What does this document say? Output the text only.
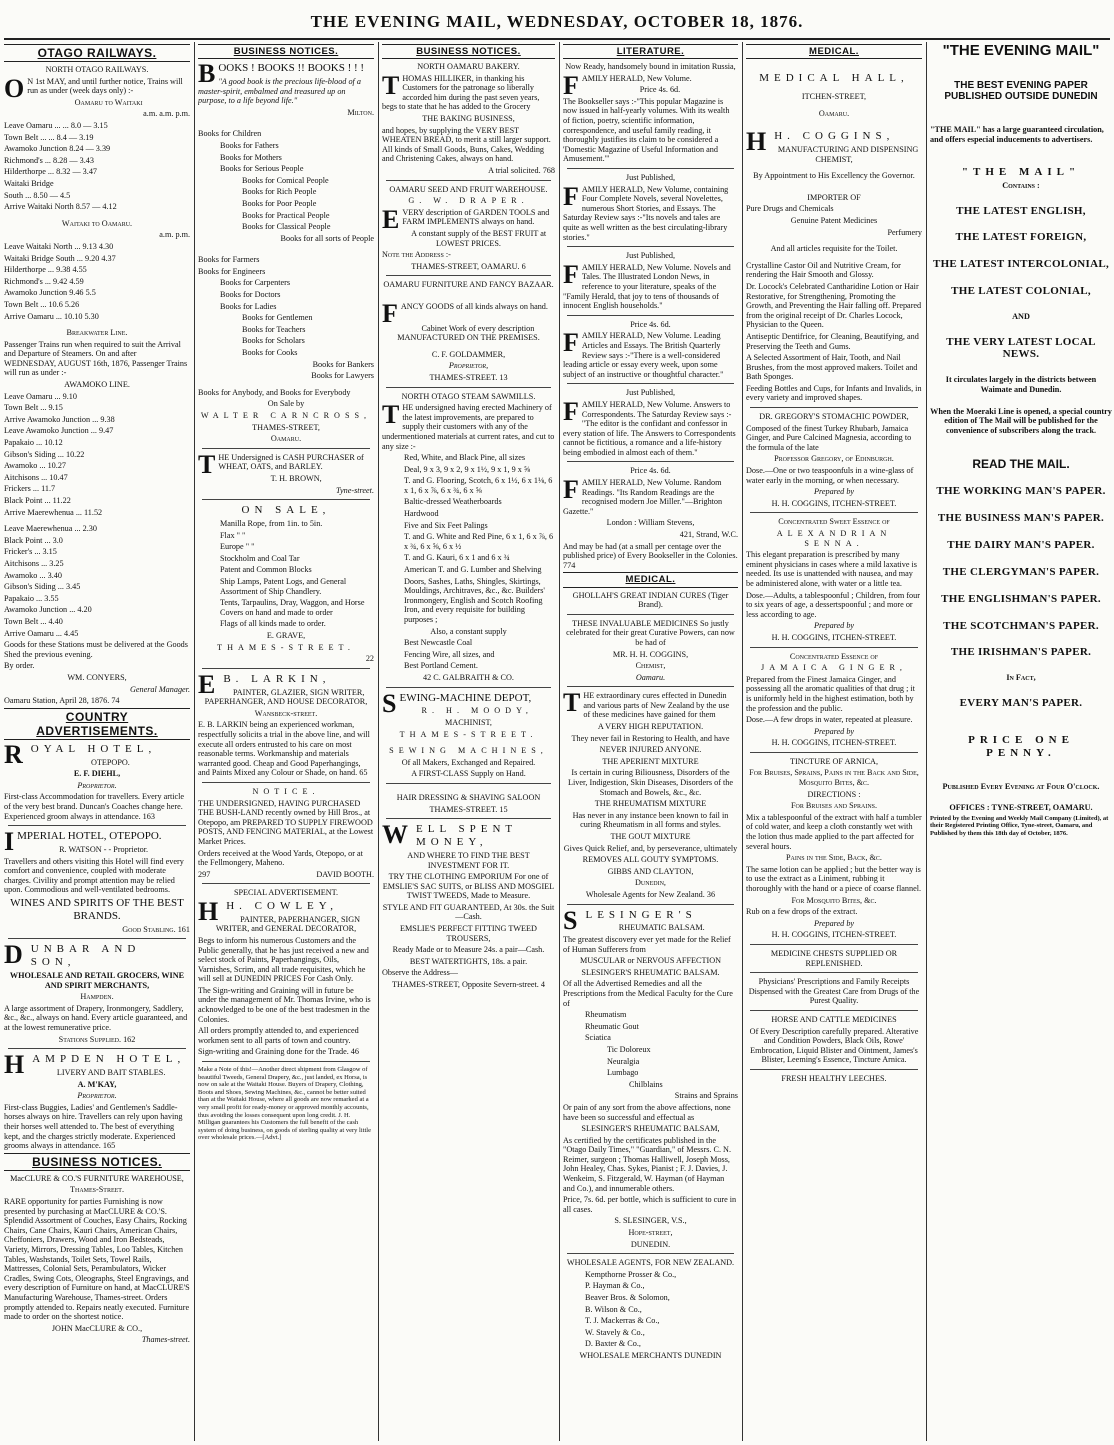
THE EVENING MAIL, WEDNESDAY, OCTOBER 18, 1876.
OTAGO RAILWAYS.

NORTH OTAGO RAILWAYS.

O N 1st MAY, and until further notice, Trains will run as under (week days only) :-

Oamaru to Waitaki

a.m. a.m. p.m.

Leave Oamaru ... ... 8.0 — 3.15

Town Belt ... ... 8.4 — 3.19

Awamoko Junction 8.24 — 3.39

Richmond's ... 8.28 — 3.43

Hilderthorpe ... 8.32 — 3.47

Waitaki Bridge

South ... 8.50 — 4.5

Arrive Waitaki North 8.57 — 4.12

Waitaki to Oamaru.

a.m. p.m.

Leave Waitaki North ... 9.13 4.30

Waitaki Bridge South ... 9.20 4.37

Hilderthorpe ... 9.38 4.55

Richmond's ... 9.42 4.59

Awamoko Junction 9.46 5.5

Town Belt ... 10.6 5.26

Arrive Oamaru ... 10.10 5.30

Breakwater Line.

Passenger Trains run when required to suit the Arrival and Departure of Steamers. On and after WEDNESDAY, AUGUST 16th, 1876, Passenger Trains will run as under :-

AWAMOKO LINE.

Leave Oamaru ... 9.10

Town Belt ... 9.15

Arrive Awamoko Junction ... 9.38

Leave Awamoko Junction ... 9.47

Papakaio ... 10.12

Gibson's Siding ... 10.22

Awamoko ... 10.27

Aitchisons ... 10.47

Frickers ... 11.7

Black Point ... 11.22

Arrive Maerewhenua ... 11.52

Leave Maerewhenua ... 2.30

Black Point ... 3.0

Fricker's ... 3.15

Aitchisons ... 3.25

Awamoko ... 3.40

Gibson's Siding ... 3.45

Papakaio ... 3.55

Awamoko Junction ... 4.20

Town Belt ... 4.40

Arrive Oamaru ... 4.45

Goods for these Stations must be delivered at the Goods Shed the previous evening.

By order.

WM. CONYERS,

General Manager.

Oamaru Station, April 28, 1876. 74

COUNTRY ADVERTISEMENTS.

ROYAL HOTEL,

OTEPOPO.

E. F. DIEHL,

Proprietor.

First-class Accommodation for travellers. Every article of the very best brand. Duncan's Coaches change here. Experienced groom always in attendance. 163

IMPERIAL HOTEL, OTEPOPO.

R. WATSON - - Proprietor.

Travellers and others visiting this Hotel will find every comfort and convenience, coupled with moderate charges. Civility and prompt attention may be relied upon. Commodious and well-ventilated bedrooms.

WINES AND SPIRITS OF THE BEST BRANDS.

Good Stabling. 161

DUNBAR AND SON,

WHOLESALE AND RETAIL GROCERS, WINE AND SPIRIT MERCHANTS,

Hampden.

A large assortment of Drapery, Ironmongery, Saddlery, &c., &c., always on hand. Every article guaranteed, and at the lowest remunerative price.

Stations Supplied. 162

HAMPDEN HOTEL,

LIVERY AND BAIT STABLES.

A. M'KAY,

Proprietor.

First-class Buggies, Ladies' and Gentlemen's Saddle-horses always on hire. Travellers can rely upon having their horses well attended to. The best of everything kept, and the charges strictly moderate. Experienced grooms always in attendance. 165

BUSINESS NOTICES.

MacCLURE & CO.'S FURNITURE WAREHOUSE,

Thames-Street.

RARE opportunity for parties Furnishing is now presented by purchasing at MacCLURE & CO.'S. Splendid Assortment of Couches, Easy Chairs, Rocking Chairs, Cane Chairs, Kauri Chairs, American Chairs, Cheffoniers, Drawers, Wood and Iron Bedsteads, Variety, Mirrors, Dressing Tables, Loo Tables, Kitchen Tables, Washstands, Toilet Sets, Towel Rails, Mattresses, Colonial Sets, Perambulators, Wicker Cradles, Swing Cots, Oleographs, Steel Engravings, and every description of Furniture on hand, at MacCLURE'S Manufacturing Warehouse, Thames-street. Orders promptly attended to. Repairs neatly executed. Furniture made to order on the shortest notice.

JOHN MacCLURE & CO.,

Thames-street.

BUSINESS NOTICES.

BOOKS ! BOOKS !! BOOKS ! ! !

"A good book is the precious life-blood of a master-spirit, embalmed and treasured up on purpose, to a life beyond life."

Milton.

Books for Children

Books for Fathers

Books for Mothers

Books for Serious People

Books for Comical People

Books for Rich People

Books for Poor People

Books for Practical People

Books for Classical People

Books for all sorts of People

Books for Farmers

Books for Engineers

Books for Carpenters

Books for Doctors

Books for Ladies

Books for Gentlemen

Books for Teachers

Books for Scholars

Books for Cooks

Books for Bankers

Books for Lawyers

Books for Anybody, and Books for Everybody

On Sale by

WALTER CARNCROSS,

THAMES-STREET,

Oamaru.

THE Undersigned is CASH PURCHASER of WHEAT, OATS, and BARLEY.

T. H. BROWN,

Tyne-street.

ON SALE,

Manilla Rope, from 1in. to 5in.

Flax " "

Europe " "

Stockholm and Coal Tar

Patent and Common Blocks

Ship Lamps, Patent Logs, and General Assortment of Ship Chandlery.

Tents, Tarpaulins, Dray, Waggon, and Horse Covers on hand and made to order

Flags of all kinds made to order.

E. GRAVE,

THAMES-STREET.

22

E B. LARKIN,

PAINTER, GLAZIER, SIGN WRITER, PAPERHANGER, AND HOUSE DECORATOR,

Wansbeck-street.

E. B. LARKIN being an experienced workman, respectfully solicits a trial in the above line, and will execute all orders entrusted to his care on most reasonable terms. Workmanship and materials warranted good. Cheap and Good Paperhangings, and Paints Mixed any Colour or Shade, on hand. 65

NOTICE.

THE UNDERSIGNED, HAVING PURCHASED THE BUSH-LAND recently owned by Hill Bros., at Otepopo, am PREPARED TO SUPPLY FIREWOOD POSTS, AND FENCING MATERIAL, at the Lowest Market Prices.

Orders received at the Wood Yards, Otepopo, or at the Fellmongery, Maheno.

297	DAVID BOOTH.

SPECIAL ADVERTISEMENT.

H H. COWLEY,

PAINTER, PAPERHANGER, SIGN WRITER, and GENERAL DECORATOR,

Begs to inform his numerous Customers and the Public generally, that he has just received a new and select stock of Paints, Paperhangings, Oils, Varnishes, Scrim, and all trade requisites, which he will sell at DUNEDIN PRICES For Cash Only.

The Sign-writing and Graining will in future be under the management of Mr. Thomas Irvine, who is acknowledged to be one of the best tradesmen in the Colonies.

All orders promptly attended to, and experienced workmen sent to all parts of town and country.

Sign-writing and Graining done for the Trade. 46

Make a Note of this!—Another direct shipment from Glasgow of beautiful Tweeds, General Drapery, &c., just landed, ex Horsa, is now on sale at the Waitaki House. Buyers of Drapery, Clothing, Boots and Shoes, Sewing Machines, &c., cannot be better suited than at the Waitaki House, where all goods are now remarked at a very small profit for ready-money or approved monthly accounts, thus avoiding the losses consequent upon long credit. J. H. Milligan guarantees his Customers the full benefit of the cash system of doing business, on goods of sterling quality at very little over wholesale prices.—[Advt.]

BUSINESS NOTICES.

NORTH OAMARU BAKERY.

THOMAS HILLIKER, in thanking his Customers for the patronage so liberally accorded him during the past seven years, begs to state that he has added to the Grocery

THE BAKING BUSINESS,

and hopes, by supplying the VERY BEST WHEATEN BREAD, to merit a still larger support. All kinds of Small Goods, Buns, Cakes, Wedding and Christening Cakes, always on hand.

A trial solicited. 768

OAMARU SEED AND FRUIT WAREHOUSE.

G. W. DRAPER.

EVERY description of GARDEN TOOLS and FARM IMPLEMENTS always on hand.

A constant supply of the BEST FRUIT at LOWEST PRICES.

Note the Address :-

THAMES-STREET, OAMARU. 6

OAMARU FURNITURE AND FANCY BAZAAR.

FANCY GOODS of all kinds always on hand.

Cabinet Work of every description MANUFACTURED ON THE PREMISES.

C. F. GOLDAMMER,

Proprietor,

THAMES-STREET. 13

NORTH OTAGO STEAM SAWMILLS.

THE undersigned having erected Machinery of the latest improvements, are prepared to supply their customers with any of the undermentioned materials at current rates, and cut to any size :-

Red, White, and Black Pine, all sizes

Deal, 9 x 3, 9 x 2, 9 x 1½, 9 x 1, 9 x ⅝

T. and G. Flooring, Scotch, 6 x 1½, 6 x 1⅛, 6 x 1, 6 x ⅞, 6 x ¾, 6 x ⅝

Baltic-dressed Weatherboards

Hardwood

Five and Six Feet Palings

T. and G. White and Red Pine, 6 x 1, 6 x ⅞, 6 x ¾, 6 x ⅝, 6 x ½

T. and G. Kauri, 6 x 1 and 6 x ¾

American T. and G. Lumber and Shelving

Doors, Sashes, Laths, Shingles, Skirtings, Mouldings, Architraves, &c., &c. Builders' Ironmongery, English and Scotch Roofing Iron, and every requisite for building purposes ;

Also, a constant supply

Best Newcastle Coal

Fencing Wire, all sizes, and

Best Portland Cement.

42 C. GALBRAITH & CO.

SEWING-MACHINE DEPOT,

R. H. MOODY,

MACHINIST,

THAMES-STREET.

SEWING MACHINES,

Of all Makers, Exchanged and Repaired.

A FIRST-CLASS Supply on Hand.

HAIR DRESSING & SHAVING SALOON

THAMES-STREET. 15

WELL SPENT MONEY,

AND WHERE TO FIND THE BEST INVESTMENT FOR IT.

TRY THE CLOTHING EMPORIUM For one of EMSLIE'S SAC SUITS, or BLISS AND MOSGIEL TWIST TWEEDS, Made to Measure.

STYLE AND FIT GUARANTEED, At 30s. the Suit—Cash.

EMSLIE'S PERFECT FITTING TWEED TROUSERS,

Ready Made or to Measure 24s. a pair—Cash.

BEST WATERTIGHTS, 18s. a pair.

Observe the Address—

THAMES-STREET, Opposite Severn-street. 4

LITERATURE.

Now Ready, handsomely bound in imitation Russia,

FAMILY HERALD, New Volume.

Price 4s. 6d.

The Bookseller says :-"This popular Magazine is now issued in half-yearly volumes. With its wealth of fiction, poetry, scientific information, correspondence, and useful family reading, it thoroughly justifies its claim to be considered a 'Domestic Magazine of Useful Information and Amusement.'"

Just Published,

FAMILY HERALD, New Volume, containing Four Complete Novels, several Novelettes, numerous Short Stories, and Essays. The Saturday Review says :-"Its novels and tales are quite as well written as the best circulating-library stories."

Just Published,

FAMILY HERALD, New Volume. Novels and Tales. The Illustrated London News, in reference to your literature, speaks of the "Family Herald, that joy to tens of thousands of innocent English households."

Price 4s. 6d.

FAMILY HERALD, New Volume. Leading Articles and Essays. The British Quarterly Review says :-"There is a well-considered leading article or essay every week, upon some subject of an instructive or thoughtful character."

Just Published,

FAMILY HERALD, New Volume. Answers to Correspondents. The Saturday Review says :-"The editor is the confidant and confessor in every station of life. The Answers to Correspondents cannot be fictitious, a romance and a life-history being embodied in almost each of them."

Price 4s. 6d.

FAMILY HERALD, New Volume. Random Readings. "Its Random Readings are the recognised modern Joe Miller."—Brighton Gazette."

London : William Stevens,

421, Strand, W.C.

And may be had (at a small per centage over the published price) of Every Bookseller in the Colonies. 774

MEDICAL.

GHOLLAH'S GREAT INDIAN CURES (Tiger Brand).

THESE INVALUABLE MEDICINES So justly celebrated for their great Curative Powers, can now be had of

MR. H. H. COGGINS,

Chemist,

Oamaru.

THE extraordinary cures effected in Dunedin and various parts of New Zealand by the use of these medicines have gained for them

A VERY HIGH REPUTATION.

They never fail in Restoring to Health, and have

NEVER INJURED ANYONE.

THE APERIENT MIXTURE

Is certain in curing Biliousness, Disorders of the Liver, Indigestion, Skin Diseases, Disorders of the Stomach and Bowels, &c., &c.

THE RHEUMATISM MIXTURE

Has never in any instance been known to fail in curing Rheumatism in all forms and styles.

THE GOUT MIXTURE

Gives Quick Relief, and, by perseverance, ultimately

REMOVES ALL GOUTY SYMPTOMS.

GIBBS AND CLAYTON,

Dunedin,

Wholesale Agents for New Zealand. 36

SLESINGER'S

RHEUMATIC BALSAM.

The greatest discovery ever yet made for the Relief of Human Sufferers from

MUSCULAR or NERVOUS AFFECTION

SLESINGER'S RHEUMATIC BALSAM.

Of all the Advertised Remedies and all the Prescriptions from the Medical Faculty for the Cure of

Rheumatism

Rheumatic Gout

Sciatica

Tic Doloreux

Neuralgia

Lumbago

Chilblains

Strains and Sprains

Or pain of any sort from the above affections, none have been so successful and effectual as

SLESINGER'S RHEUMATIC BALSAM,

As certified by the certificates published in the "Otago Daily Times," "Guardian," of Messrs. C. N. Reimer, surgeon ; Thomas Halliwell, Joseph Moss, John Healey, Chas. Sykes, Pianist ; F. J. Davies, J. Wenkeim, S. Fitzgerald, W. Hayman (of Hayman and Co.), and innumerable others.

Price, 7s. 6d. per bottle, which is sufficient to cure in all cases.

S. SLESINGER, V.S.,

Hope-street,

DUNEDIN.

WHOLESALE AGENTS, FOR NEW ZEALAND.

Kempthorne Prosser & Co.,

P. Hayman & Co.,

Beaver Bros. & Solomon,

B. Wilson & Co.,

T. J. Mackerras & Co.,

W. Stavely & Co.,

D. Baxter & Co.,

WHOLESALE MERCHANTS DUNEDIN

MEDICAL.

MEDICAL HALL,

ITCHEN-STREET,

Oamaru.

H H. COGGINS,

MANUFACTURING AND DISPENSING CHEMIST,

By Appointment to His Excellency the Governor.

IMPORTER OF

Pure Drugs and Chemicals

Genuine Patent Medicines

Perfumery

And all articles requisite for the Toilet.

Crystalline Castor Oil and Nutritive Cream, for rendering the Hair Smooth and Glossy.

Dr. Locock's Celebrated Cantharidine Lotion or Hair Restorative, for Strengthening, Promoting the Growth, and Preventing the Hair falling off. Prepared from the original receipt of Dr. Charles Locock, Physician to the Queen.

Antiseptic Dentifrice, for Cleaning, Beautifying, and Preserving the Teeth and Gums.

A Selected Assortment of Hair, Tooth, and Nail Brushes, from the most approved makers. Toilet and Bath Sponges.

Feeding Bottles and Cups, for Infants and Invalids, in every variety and improved shapes.

DR. GREGORY'S STOMACHIC POWDER,

Composed of the finest Turkey Rhubarb, Jamaica Ginger, and Pure Calcined Magnesia, according to the formula of the late

Professor Gregory, of Edinburgh.

Dose.—One or two teaspoonfuls in a wine-glass of water early in the morning, or when necessary.

Prepared by

H. H. COGGINS, ITCHEN-STREET.

Concentrated Sweet Essence of

ALEXANDRIAN SENNA.

This elegant preparation is prescribed by many eminent physicians in cases where a mild laxative is needed. Its use is unattended with nausea, and may be administered alone, with water or a little tea.

Dose.—Adults, a tablespoonful ; Children, from four to six years of age, a dessertspoonful ; and more or less according to age.

Prepared by

H. H. COGGINS, ITCHEN-STREET.

Concentrated Essence of

JAMAICA GINGER,

Prepared from the Finest Jamaica Ginger, and possessing all the aromatic qualities of that drug ; it is uniformly held in the highest estimation, both by the profession and the public.

Dose.—A few drops in water, repeated at pleasure.

Prepared by

H. H. COGGINS, ITCHEN-STREET.

TINCTURE OF ARNICA,

For Bruises, Sprains, Pains in the Back and Side, Mosquito Bites, &c.

DIRECTIONS :

For Bruises and Sprains.

Mix a tablespoonful of the extract with half a tumbler of cold water, and keep a cloth constantly wet with the lotion thus made applied to the part affected for several hours.

Pains in the Side, Back, &c.

The same lotion can be applied ; but the better way is to use the extract as a Liniment, rubbing it thoroughly with the hand or a piece of coarse flannel.

For Mosquito Bites, &c.

Rub on a few drops of the extract.

Prepared by

H. H. COGGINS, ITCHEN-STREET.

MEDICINE CHESTS SUPPLIED OR REPLENISHED.

Physicians' Prescriptions and Family Receipts Dispensed with the Greatest Care from Drugs of the Purest Quality.

HORSE AND CATTLE MEDICINES

Of Every Description carefully prepared. Alterative and Condition Powders, Black Oils, Rowe' Embrocation, Liquid Blister and Ointment, James's Blister, Leeming's Essence, Tincture Arnica.

FRESH HEALTHY LEECHES.

"THE EVENING MAIL"

THE BEST EVENING PAPER PUBLISHED OUTSIDE DUNEDIN

"THE MAIL" has a large guaranteed circulation, and offers especial inducements to advertisers.

"THE MAIL"

Contains :

THE LATEST ENGLISH,

THE LATEST FOREIGN,

THE LATEST INTERCOLONIAL,

THE LATEST COLONIAL,

AND

THE VERY LATEST LOCAL NEWS.

It circulates largely in the districts between Waimate and Dunedin.

When the Moeraki Line is opened, a special country edition of The Mail will be published for the convenience of subscribers along the track.

READ THE MAIL.

THE WORKING MAN'S PAPER.

THE BUSINESS MAN'S PAPER.

THE DAIRY MAN'S PAPER.

THE CLERGYMAN'S PAPER.

THE ENGLISHMAN'S PAPER.

THE SCOTCHMAN'S PAPER.

THE IRISHMAN'S PAPER.

In Fact,

EVERY MAN'S PAPER.

PRICE ONE PENNY.

Published Every Evening at Four O'clock.

OFFICES : TYNE-STREET, OAMARU.

Printed by the Evening and Weekly Mail Company (Limited), at their Registered Printing Office, Tyne-street, Oamaru, and Published by them this 18th day of October, 1876.
